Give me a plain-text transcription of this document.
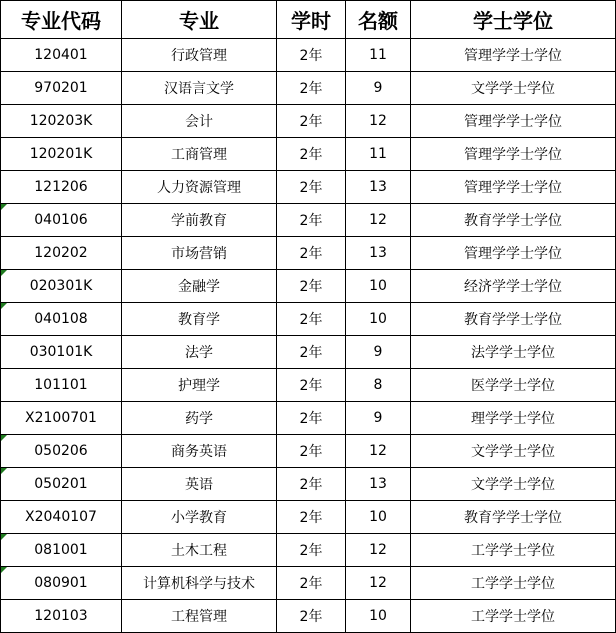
专业代码	专业	学时	名额	学士学位
120401	行政管理	2年	11	管理学学士学位
970201	汉语言文学	2年	9	文学学士学位
120203K	会计	2年	12	管理学学士学位
120201K	工商管理	2年	11	管理学学士学位
121206	人力资源管理	2年	13	管理学学士学位

040106	学前教育	2年	12	教育学学士学位
120202	市场营销	2年	13	管理学学士学位

020301K	金融学	2年	10	经济学学士学位

040108	教育学	2年	10	教育学学士学位
030101K	法学	2年	9	法学学士学位
101101	护理学	2年	8	医学学士学位
X2100701	药学	2年	9	理学学士学位

050206	商务英语	2年	12	文学学士学位

050201	英语	2年	13	文学学士学位
X2040107	小学教育	2年	10	教育学学士学位

081001	土木工程	2年	12	工学学士学位

080901	计算机科学与技术	2年	12	工学学士学位
120103	工程管理	2年	10	工学学士学位
